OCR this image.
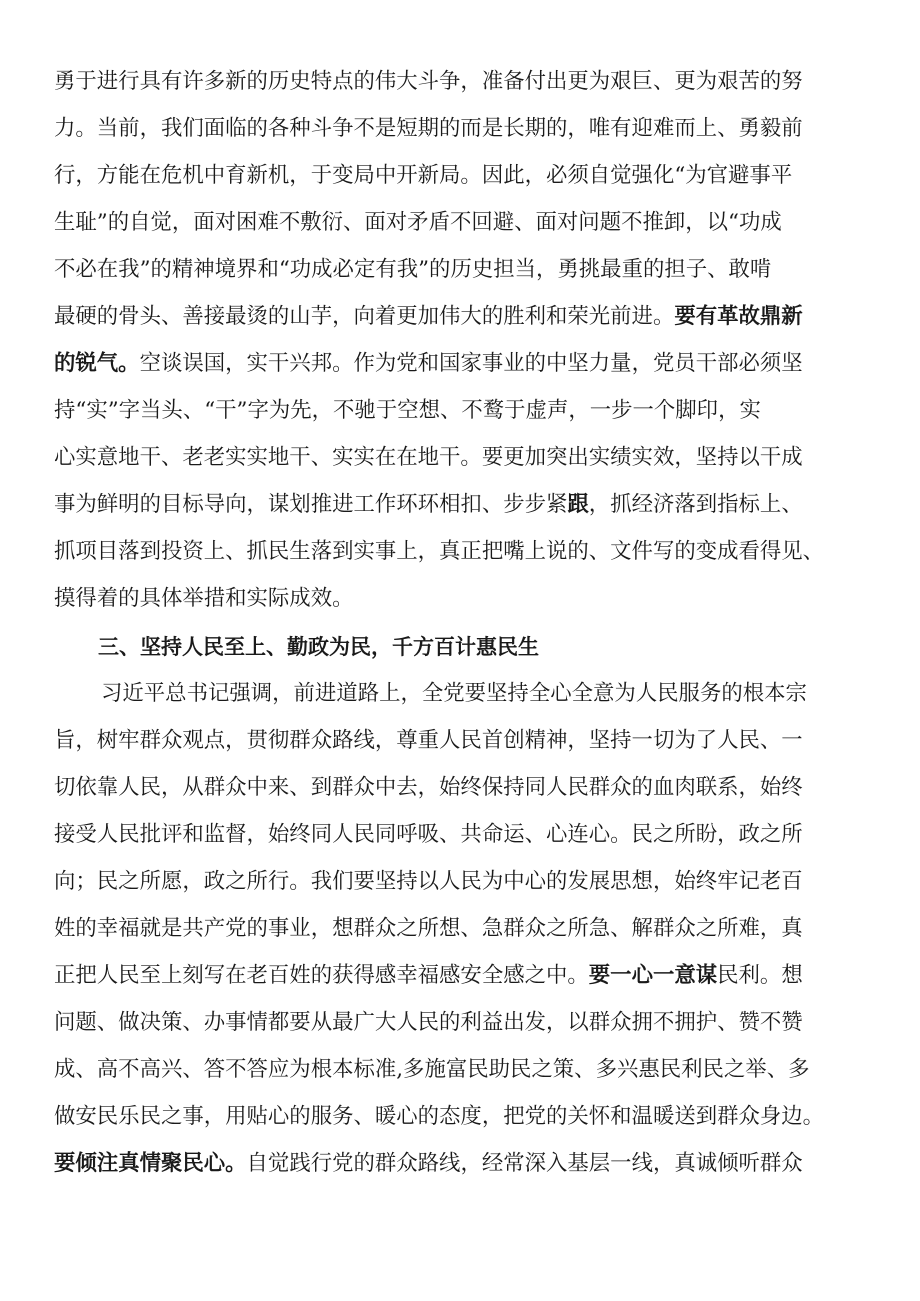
勇于进行具有许多新的历史特点的伟大斗争，准备付出更为艰巨、更为艰苦的努
力。当前，我们面临的各种斗争不是短期的而是长期的，唯有迎难而上、勇毅前
行，方能在危机中育新机，于变局中开新局。因此，必须自觉强化“为官避事平
生耻”的自觉，面对困难不敷衍、面对矛盾不回避、面对问题不推卸，以“功成
不必在我”的精神境界和“功成必定有我”的历史担当，勇挑最重的担子、敢啃
最硬的骨头、善接最烫的山芋，向着更加伟大的胜利和荣光前进。要有革故鼎新
的锐气。空谈误国，实干兴邦。作为党和国家事业的中坚力量，党员干部必须坚
持“实”字当头、“干”字为先，不驰于空想、不鹜于虚声，一步一个脚印，实
心实意地干、老老实实地干、实实在在地干。要更加突出实绩实效，坚持以干成
事为鲜明的目标导向，谋划推进工作环环相扣、步步紧跟，抓经济落到指标上、
抓项目落到投资上、抓民生落到实事上，真正把嘴上说的、文件写的变成看得见、
摸得着的具体举措和实际成效。
三、坚持人民至上、勤政为民，千方百计惠民生
习近平总书记强调，前进道路上，全党要坚持全心全意为人民服务的根本宗
旨，树牢群众观点，贯彻群众路线，尊重人民首创精神，坚持一切为了人民、一
切依靠人民，从群众中来、到群众中去，始终保持同人民群众的血肉联系，始终
接受人民批评和监督，始终同人民同呼吸、共命运、心连心。民之所盼，政之所
向；民之所愿，政之所行。我们要坚持以人民为中心的发展思想，始终牢记老百
姓的幸福就是共产党的事业，想群众之所想、急群众之所急、解群众之所难，真
正把人民至上刻写在老百姓的获得感幸福感安全感之中。要一心一意谋民利。想
问题、做决策、办事情都要从最广大人民的利益出发，以群众拥不拥护、赞不赞
成、高不高兴、答不答应为根本标准,多施富民助民之策、多兴惠民利民之举、多
做安民乐民之事，用贴心的服务、暖心的态度，把党的关怀和温暖送到群众身边。
要倾注真情聚民心。自觉践行党的群众路线，经常深入基层一线，真诚倾听群众
